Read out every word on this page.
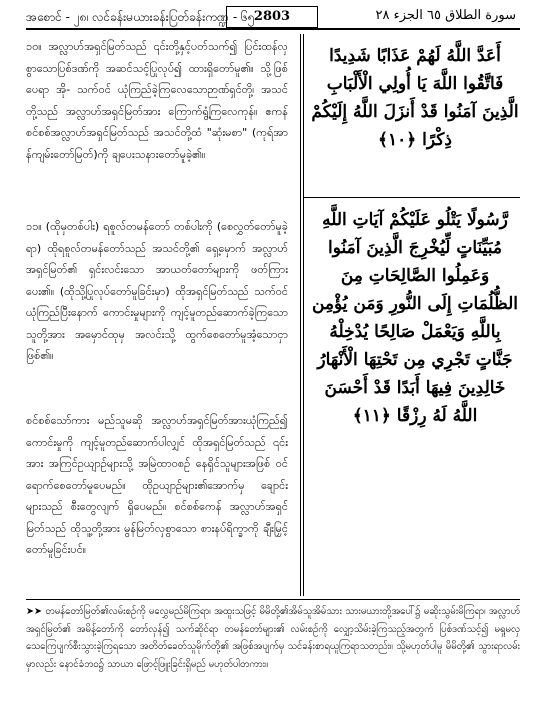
အစောင် - ၂၈၊ လင်ခန်းမယားခန်းပြတ်ခန်းကဏ္ဍ - ၆၅ 2803	سورة الطلاق ٦٥ الجزء ٢٨

၁၀။ အလ္လာဟ်အရှင်မြတ်သည် ၎င်းတို့နှင့်ပတ်သက်၍ ပြင်းထန်လှစွာသောပြစ်ဒဏ်ကို အဆင်သင့်ပြုလုပ်၍ ထားရှိတော်မူ၏။ သို့ဖြစ်ပေရာ အို- သက်ဝင် ယုံကြည်ခဲ့ကြလေသောဉာဏ်ရှင်တို့၊ အသင်တို့သည် အလ္လာဟ်အရှင်မြတ်အား ကြောက်ရွံ့ကြလေကုန်။ ဧကန်စင်စစ်အလ္လာဟ်အရှင်မြတ်သည် အသင်တို့ထံ "ဆုံးမစာ" (ကုရ်အာန်ကျမ်းတော်မြတ်)ကို ချပေးသနားတော်မူခဲ့၏။

၁၁။ (ထိုမှတစ်ပါး) ရစူလ်တမန်တော် တစ်ပါးကို (စေလွှတ်တော်မူခဲ့ရာ) ထိုရစူလ်တမန်တော်သည် အသင်တို့၏ ရှေ့မှောက် အလ္လာဟ်အရှင်မြတ်၏ ရှင်းလင်းသော အာယတ်တော်များကို ဖတ်ကြားပေး၏။ (ထိုသို့ပြုလုပ်တော်မူခြင်းမှာ) ထိုအရှင်မြတ်သည် သက်ဝင်ယုံကြည်ပြီးနောက် ကောင်းမှုများကို ကျင့်မူတည်ဆောက်ခဲ့ကြသောသူတို့အား အမှောင်ထုမှ အလင်းသို့ ထွက်စေတော်မူအံ့သောငှာဖြစ်၏။

စင်စစ်သော်ကား မည်သူမဆို အလ္လာဟ်အရှင်မြတ်အားယုံကြည်၍ ကောင်းမှုကို ကျင့်မူတည်ဆောက်ပါလျှင် ထိုအရှင်မြတ်သည် ၎င်းအား အကြင်ဥယျာဉ်များသို့ အမြဲထာဝစဉ် နေရှိင်သူများအဖြစ် ဝင်ရောက်စေတော်မူပေမည်။ ထိုဥယျာဉ်များ၏အောက်မှ ချောင်းများသည် စီးတွေလျက် ရှိပေမည်။ စင်စစ်ကေန် အလ္လာဟ်အရှင်မြတ်သည် ထိုသူ့တို့အား မွန်မြတ်လှစွာသော စားနပ်ရိက္ခာကို ချီးမြှင့်တော်မူခြင်းပင်။

أَعَدَّ اللَّهُ لَهُمْ عَذَابًا شَدِيدًا فَاتَّقُوا اللَّهَ يَا أُولِي الْأَلْبَابِ الَّذِينَ آمَنُوا قَدْ أَنزَلَ اللَّهُ إِلَيْكُمْ ذِكْرًا ﴿١٠﴾

رَّسُولًا يَتْلُو عَلَيْكُمْ آيَاتِ اللَّهِ مُبَيِّنَاتٍ لِّيُخْرِجَ الَّذِينَ آمَنُوا وَعَمِلُوا الصَّالِحَاتِ مِنَ الظُّلُمَاتِ إِلَى النُّورِ وَمَن يُؤْمِن بِاللَّهِ وَيَعْمَلْ صَالِحًا يُدْخِلْهُ جَنَّاتٍ تَجْرِي مِن تَحْتِهَا الْأَنْهَارُ خَالِدِينَ فِيهَا أَبَدًا قَدْ أَحْسَنَ اللَّهُ لَهُ رِزْقًا ﴿١١﴾

➤➤ တမန်တော်မြတ်၏လမ်းစဉ်ကို မလွှေမည်မိကြရာ၊ အထူးသဖြင့် မိမိတို့၏အိမ်သူအိမ်သား သားမယားတို့အပေါ်၌ မဆိုးသွမ်းမိကြရာ၊ အလ္လာဟ်အရှင်မြတ်၏ အမိန့်တော်ကို တော်လှန်၍ သက်ဆိုင်ရာ တမန်တော်များ၏ လမ်းစဉ်ကို လျှော့သိမ်းခဲ့ကြသည့်အတွက် ပြစ်ဒဏ်သင့်၍ မရှုမလှ သေကြေပျက်စီးသွားခဲ့ကြရသော အတိတ်ခေတ်သူမိုက်တို့၏ အဖြစ်အပျက်မှ သင်ခန်းစာရယူကြရာသတည်း။ သို့မဟုတ်ပါမူ မိမိတို့၏ သွားရာလမ်းမှာလည်း နောင်ခံဘဝ၌ သာယာ ဖြောင့်ဖြူးခြင်းရှိမည် မဟုတ်ပါတကား။
